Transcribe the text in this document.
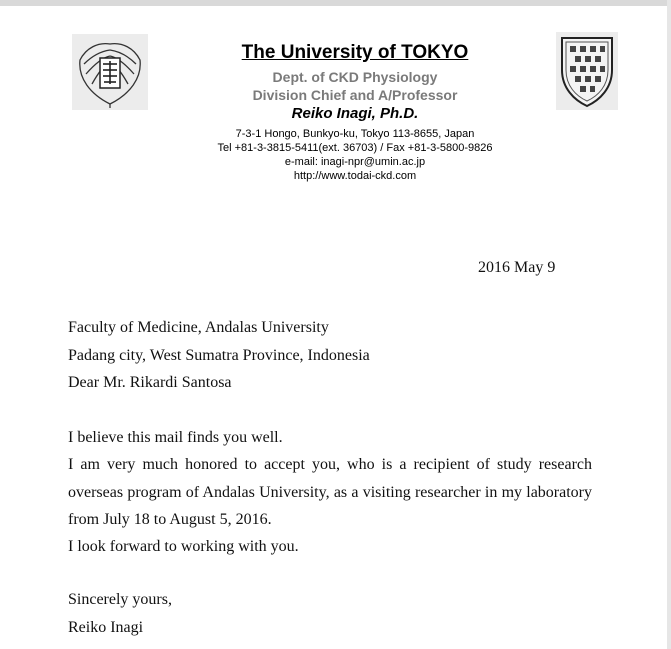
The University of TOKYO
Dept. of CKD Physiology
Division Chief and A/Professor
Reiko Inagi, Ph.D.
7-3-1 Hongo, Bunkyo-ku, Tokyo 113-8655, Japan
Tel +81-3-3815-5411(ext. 36703) / Fax +81-3-5800-9826
e-mail: inagi-npr@umin.ac.jp
http://www.todai-ckd.com
2016 May 9
Faculty of Medicine, Andalas University
Padang city, West Sumatra Province, Indonesia
Dear Mr. Rikardi Santosa

I believe this mail finds you well.

I am very much honored to accept you, who is a recipient of study research overseas program of Andalas University, as a visiting researcher in my laboratory from July 18 to August 5, 2016.

I look forward to working with you.

Sincerely yours,
Reiko Inagi
